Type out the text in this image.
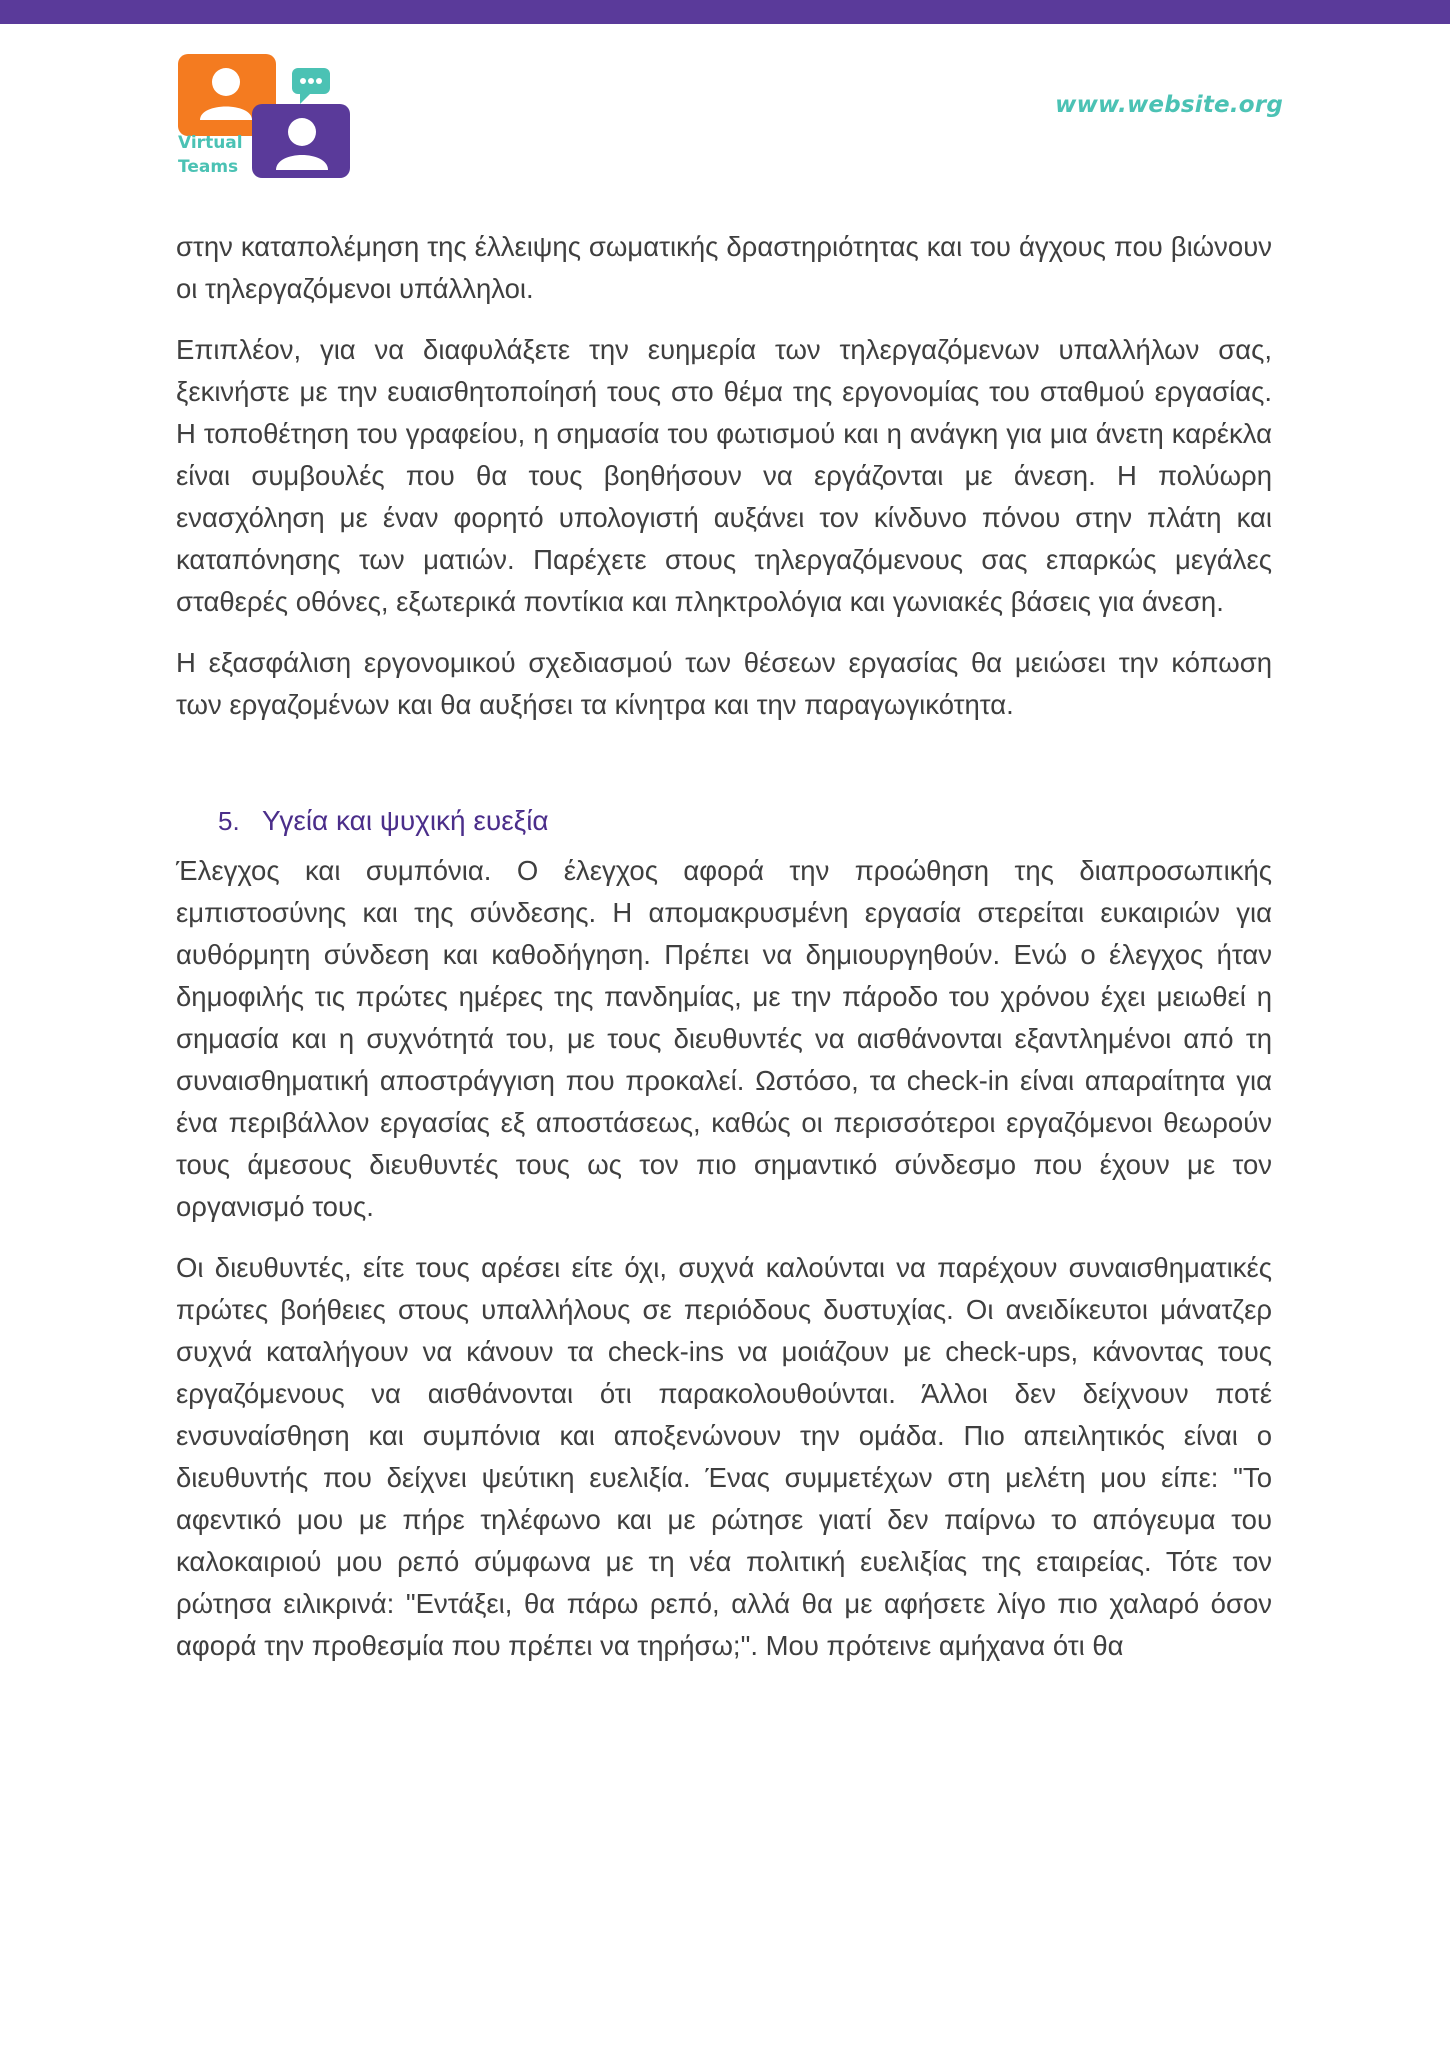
Virtual
Teams
www.website.org

στην καταπολέμηση της έλλειψης σωματικής δραστηριότητας και του άγχους που βιώνουν οι τηλεργαζόμενοι υπάλληλοι.

Επιπλέον, για να διαφυλάξετε την ευημερία των τηλεργαζόμενων υπαλλήλων σας, ξεκινήστε με την ευαισθητοποίησή τους στο θέμα της εργονομίας του σταθμού εργασίας. Η τοποθέτηση του γραφείου, η σημασία του φωτισμού και η ανάγκη για μια άνετη καρέκλα είναι συμβουλές που θα τους βοηθήσουν να εργάζονται με άνεση. Η πολύωρη ενασχόληση με έναν φορητό υπολογιστή αυξάνει τον κίνδυνο πόνου στην πλάτη και καταπόνησης των ματιών. Παρέχετε στους τηλεργαζόμενους σας επαρκώς μεγάλες σταθερές οθόνες, εξωτερικά ποντίκια και πληκτρολόγια και γωνιακές βάσεις για άνεση.

Η εξασφάλιση εργονομικού σχεδιασμού των θέσεων εργασίας θα μειώσει την κόπωση των εργαζομένων και θα αυξήσει τα κίνητρα και την παραγωγικότητα.

5. Υγεία και ψυχική ευεξία

Έλεγχος και συμπόνια. Ο έλεγχος αφορά την προώθηση της διαπροσωπικής εμπιστοσύνης και της σύνδεσης. Η απομακρυσμένη εργασία στερείται ευκαιριών για αυθόρμητη σύνδεση και καθοδήγηση. Πρέπει να δημιουργηθούν. Ενώ ο έλεγχος ήταν δημοφιλής τις πρώτες ημέρες της πανδημίας, με την πάροδο του χρόνου έχει μειωθεί η σημασία και η συχνότητά του, με τους διευθυντές να αισθάνονται εξαντλημένοι από τη συναισθηματική αποστράγγιση που προκαλεί. Ωστόσο, τα check-in είναι απαραίτητα για ένα περιβάλλον εργασίας εξ αποστάσεως, καθώς οι περισσότεροι εργαζόμενοι θεωρούν τους άμεσους διευθυντές τους ως τον πιο σημαντικό σύνδεσμο που έχουν με τον οργανισμό τους.

Οι διευθυντές, είτε τους αρέσει είτε όχι, συχνά καλούνται να παρέχουν συναισθηματικές πρώτες βοήθειες στους υπαλλήλους σε περιόδους δυστυχίας. Οι ανειδίκευτοι μάνατζερ συχνά καταλήγουν να κάνουν τα check-ins να μοιάζουν με check-ups, κάνοντας τους εργαζόμενους να αισθάνονται ότι παρακολουθούνται. Άλλοι δεν δείχνουν ποτέ ενσυναίσθηση και συμπόνια και αποξενώνουν την ομάδα. Πιο απειλητικός είναι ο διευθυντής που δείχνει ψεύτικη ευελιξία. Ένας συμμετέχων στη μελέτη μου είπε: "Το αφεντικό μου με πήρε τηλέφωνο και με ρώτησε γιατί δεν παίρνω το απόγευμα του καλοκαιριού μου ρεπό σύμφωνα με τη νέα πολιτική ευελιξίας της εταιρείας. Τότε τον ρώτησα ειλικρινά: "Εντάξει, θα πάρω ρεπό, αλλά θα με αφήσετε λίγο πιο χαλαρό όσον αφορά την προθεσμία που πρέπει να τηρήσω;". Μου πρότεινε αμήχανα ότι θα
